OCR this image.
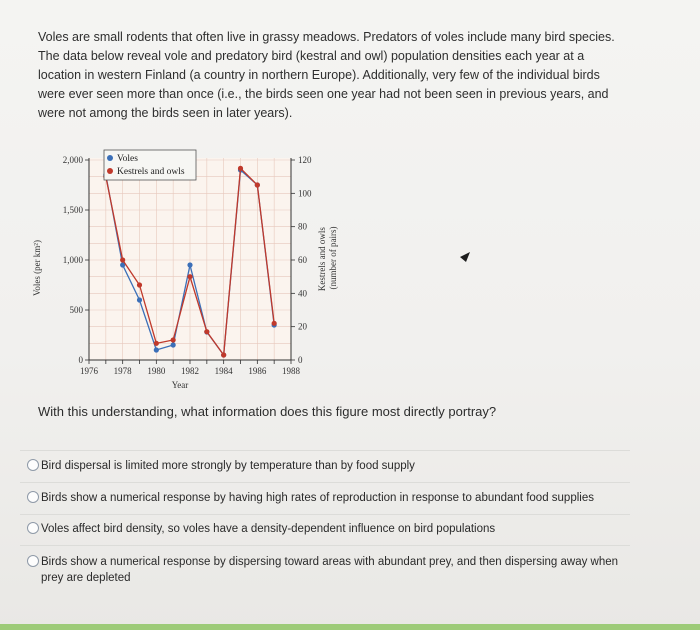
Voles are small rodents that often live in grassy meadows. Predators of voles include many bird species. The data below reveal vole and predatory bird (kestral and owl) population densities each year at a location in western Finland (a country in northern Europe). Additionally, very few of the individual birds were ever seen more than once (i.e., the birds seen one year had not been seen in previous years, and were not among the birds seen in later years).
1976 1978 1980 1982 1984 1986 1988
0
500
1,000
1,500
2,000
0
20
40
60
80
100
120
Voles (per km²)
Year
Kestrels and owls (number of pairs)
Voles
Kestrels and owls
With this understanding, what information does this figure most directly portray?
Bird dispersal is limited more strongly by temperature than by food supply
Birds show a numerical response by having high rates of reproduction in response to abundant food supplies
Voles affect bird density, so voles have a density-dependent influence on bird populations
Birds show a numerical response by dispersing toward areas with abundant prey, and then dispersing away when prey are depleted
